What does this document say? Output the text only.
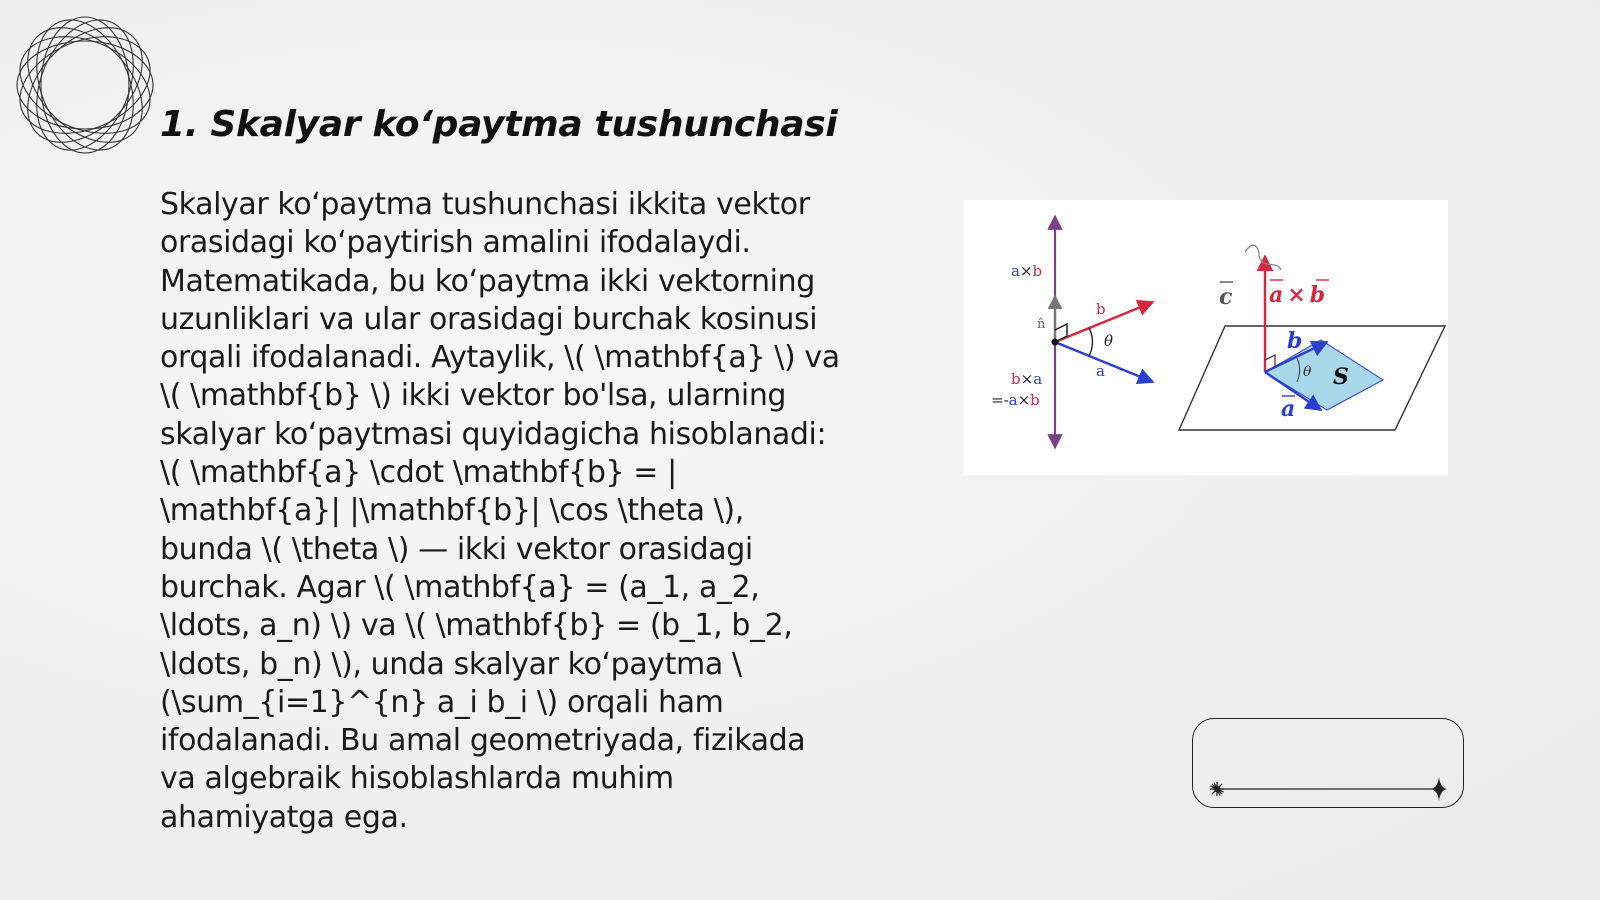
1. Skalyar ko‘paytma tushunchasi

Skalyar ko‘paytma tushunchasi ikkita vektor
orasidagi ko‘paytirish amalini ifodalaydi.
Matematikada, bu ko‘paytma ikki vektorning
uzunliklari va ular orasidagi burchak kosinusi
orqali ifodalanadi. Aytaylik, \( \mathbf{a} \) va
\( \mathbf{b} \) ikki vektor bo'lsa, ularning
skalyar ko‘paytmasi quyidagicha hisoblanadi:
\( \mathbf{a} \cdot \mathbf{b} = |
\mathbf{a}| |\mathbf{b}| \cos \theta \),
bunda \( \theta \) — ikki vektor orasidagi
burchak. Agar \( \mathbf{a} = (a_1, a_2,
\ldots, a_n) \) va \( \mathbf{b} = (b_1, b_2,
\ldots, b_n) \), unda skalyar ko‘paytma \
(\sum_{i=1}^{n} a_i b_i \) orqali ham
ifodalanadi. Bu amal geometriyada, fizikada
va algebraik hisoblashlarda muhim
ahamiyatga ega.

a×b
n̂
b
θ
a
b×a
=-a×b
c a × b
b
θ S
a
